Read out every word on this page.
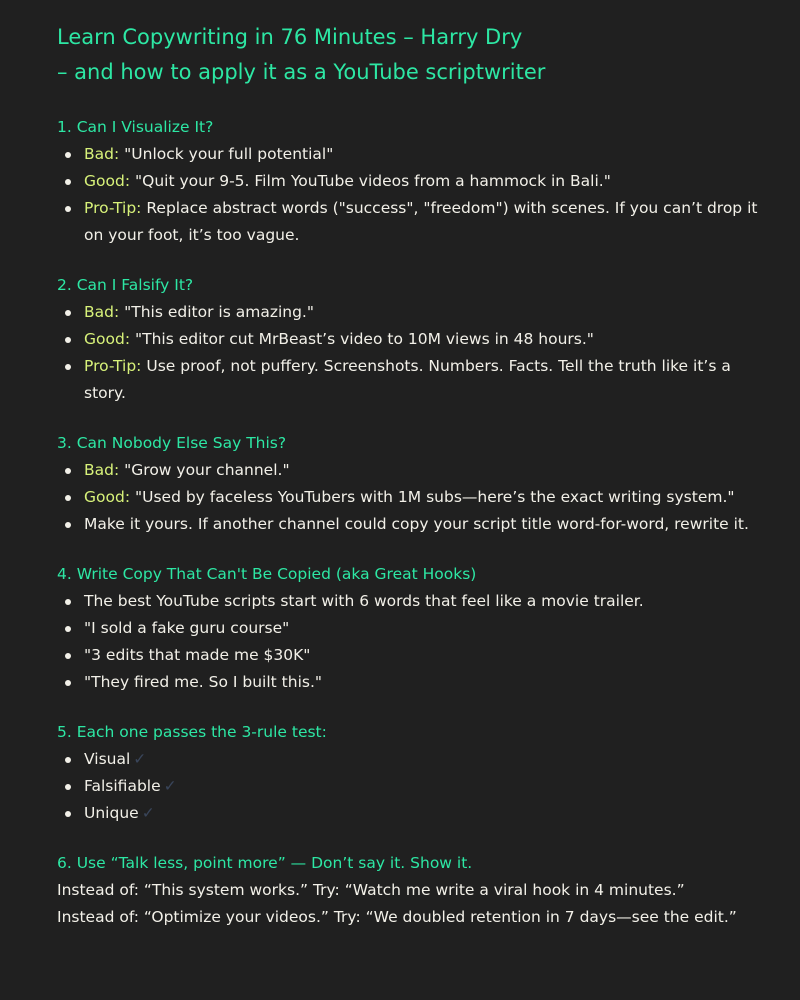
Learn Copywriting in 76 Minutes – Harry Dry
– and how to apply it as a YouTube scriptwriter
1. Can I Visualize It?
Bad: "Unlock your full potential"
Good: "Quit your 9-5. Film YouTube videos from a hammock in Bali."
Pro-Tip: Replace abstract words ("success", "freedom") with scenes. If you can’t drop it on your foot, it’s too vague.
2. Can I Falsify It?
Bad: "This editor is amazing."
Good: "This editor cut MrBeast’s video to 10M views in 48 hours."
Pro-Tip: Use proof, not puffery. Screenshots. Numbers. Facts. Tell the truth like it’s a story.
3. Can Nobody Else Say This?
Bad: "Grow your channel."
Good: "Used by faceless YouTubers with 1M subs—here’s the exact writing system."
Make it yours. If another channel could copy your script title word-for-word, rewrite it.
4. Write Copy That Can't Be Copied (aka Great Hooks)
The best YouTube scripts start with 6 words that feel like a movie trailer.
"I sold a fake guru course"
"3 edits that made me $30K"
"They fired me. So I built this."
5. Each one passes the 3-rule test:
Visual ✓
Falsifiable ✓
Unique ✓
6. Use “Talk less, point more” — Don’t say it. Show it.

Instead of: “This system works.” Try: “Watch me write a viral hook in 4 minutes.”

Instead of: “Optimize your videos.” Try: “We doubled retention in 7 days—see the edit.”
